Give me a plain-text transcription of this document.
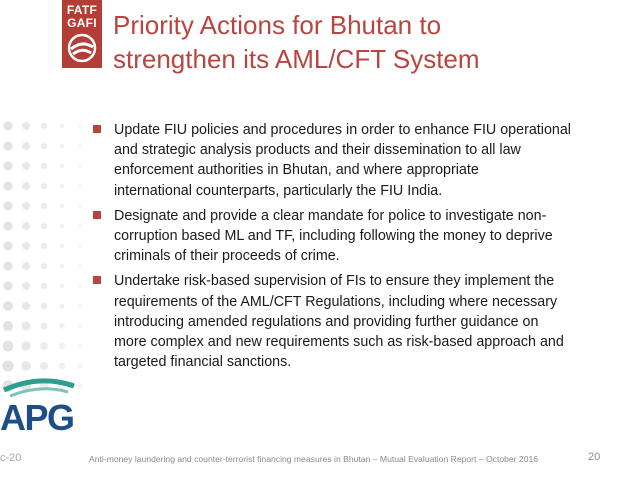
FATF
GAFI Priority Actions for Bhutan to
strengthen its AML/CFT System
Update FIU policies and procedures in order to enhance FIU operational
and strategic analysis products and their dissemination to all law
enforcement authorities in Bhutan, and where appropriate
international counterparts, particularly the FIU India.
Designate and provide a clear mandate for police to investigate non-
corruption based ML and TF, including following the money to deprive
criminals of their proceeds of crime.
Undertake risk-based supervision of FIs to ensure they implement the
requirements of the AML/CFT Regulations, including where necessary
introducing amended regulations and providing further guidance on
more complex and new requirements such as risk-based approach and
targeted financial sanctions.
APG
c-20	Anti-money laundering and counter-terrorist financing measures in Bhutan – Mutual Evaluation Report – October 2016	20
